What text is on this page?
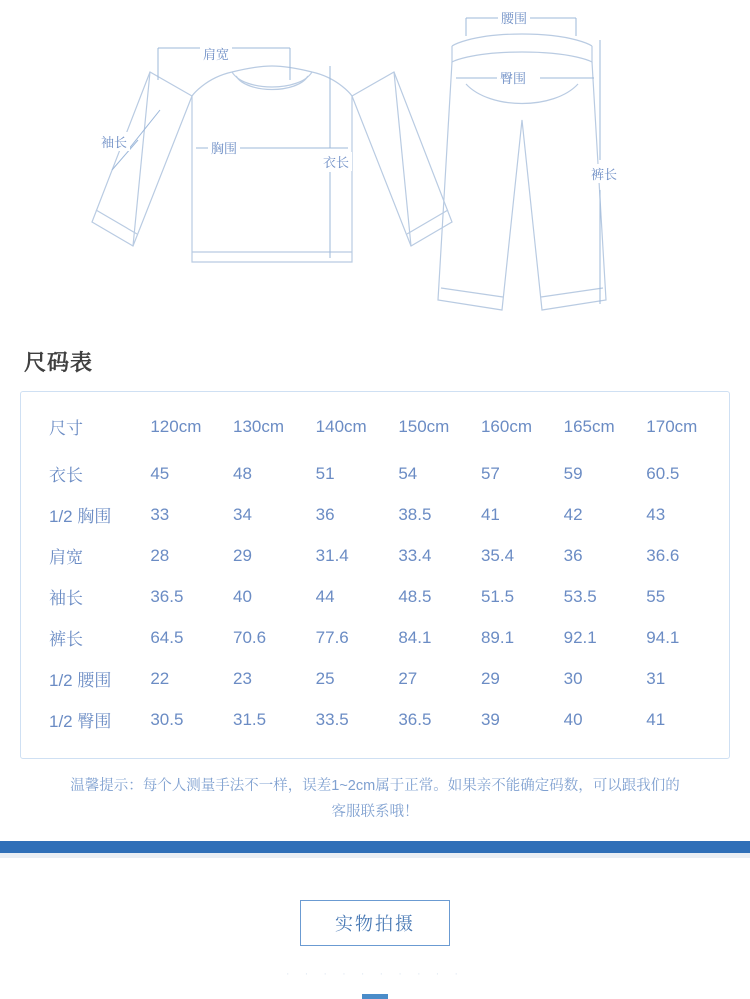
肩宽
袖长	胸围
衣长
腰围
臀围
裤长
尺码表
尺寸	120cm	130cm	140cm	150cm	160cm	165cm	170cm
衣长	45	48	51	54	57	59	60.5
1/2 胸围	33	34	36	38.5	41	42	43
肩宽	28	29	31.4	33.4	35.4	36	36.6
袖长	36.5	40	44	48.5	51.5	53.5	55
裤长	64.5	70.6	77.6	84.1	89.1	92.1	94.1
1/2 腰围	22	23	25	27	29	30	31
1/2 臀围	30.5	31.5	33.5	36.5	39	40	41
温馨提示：每个人测量手法不一样，误差1~2cm属于正常。如果亲不能确定码数，可以跟我们的
客服联系哦！
实物拍摄
· · · · · · · · · ·
